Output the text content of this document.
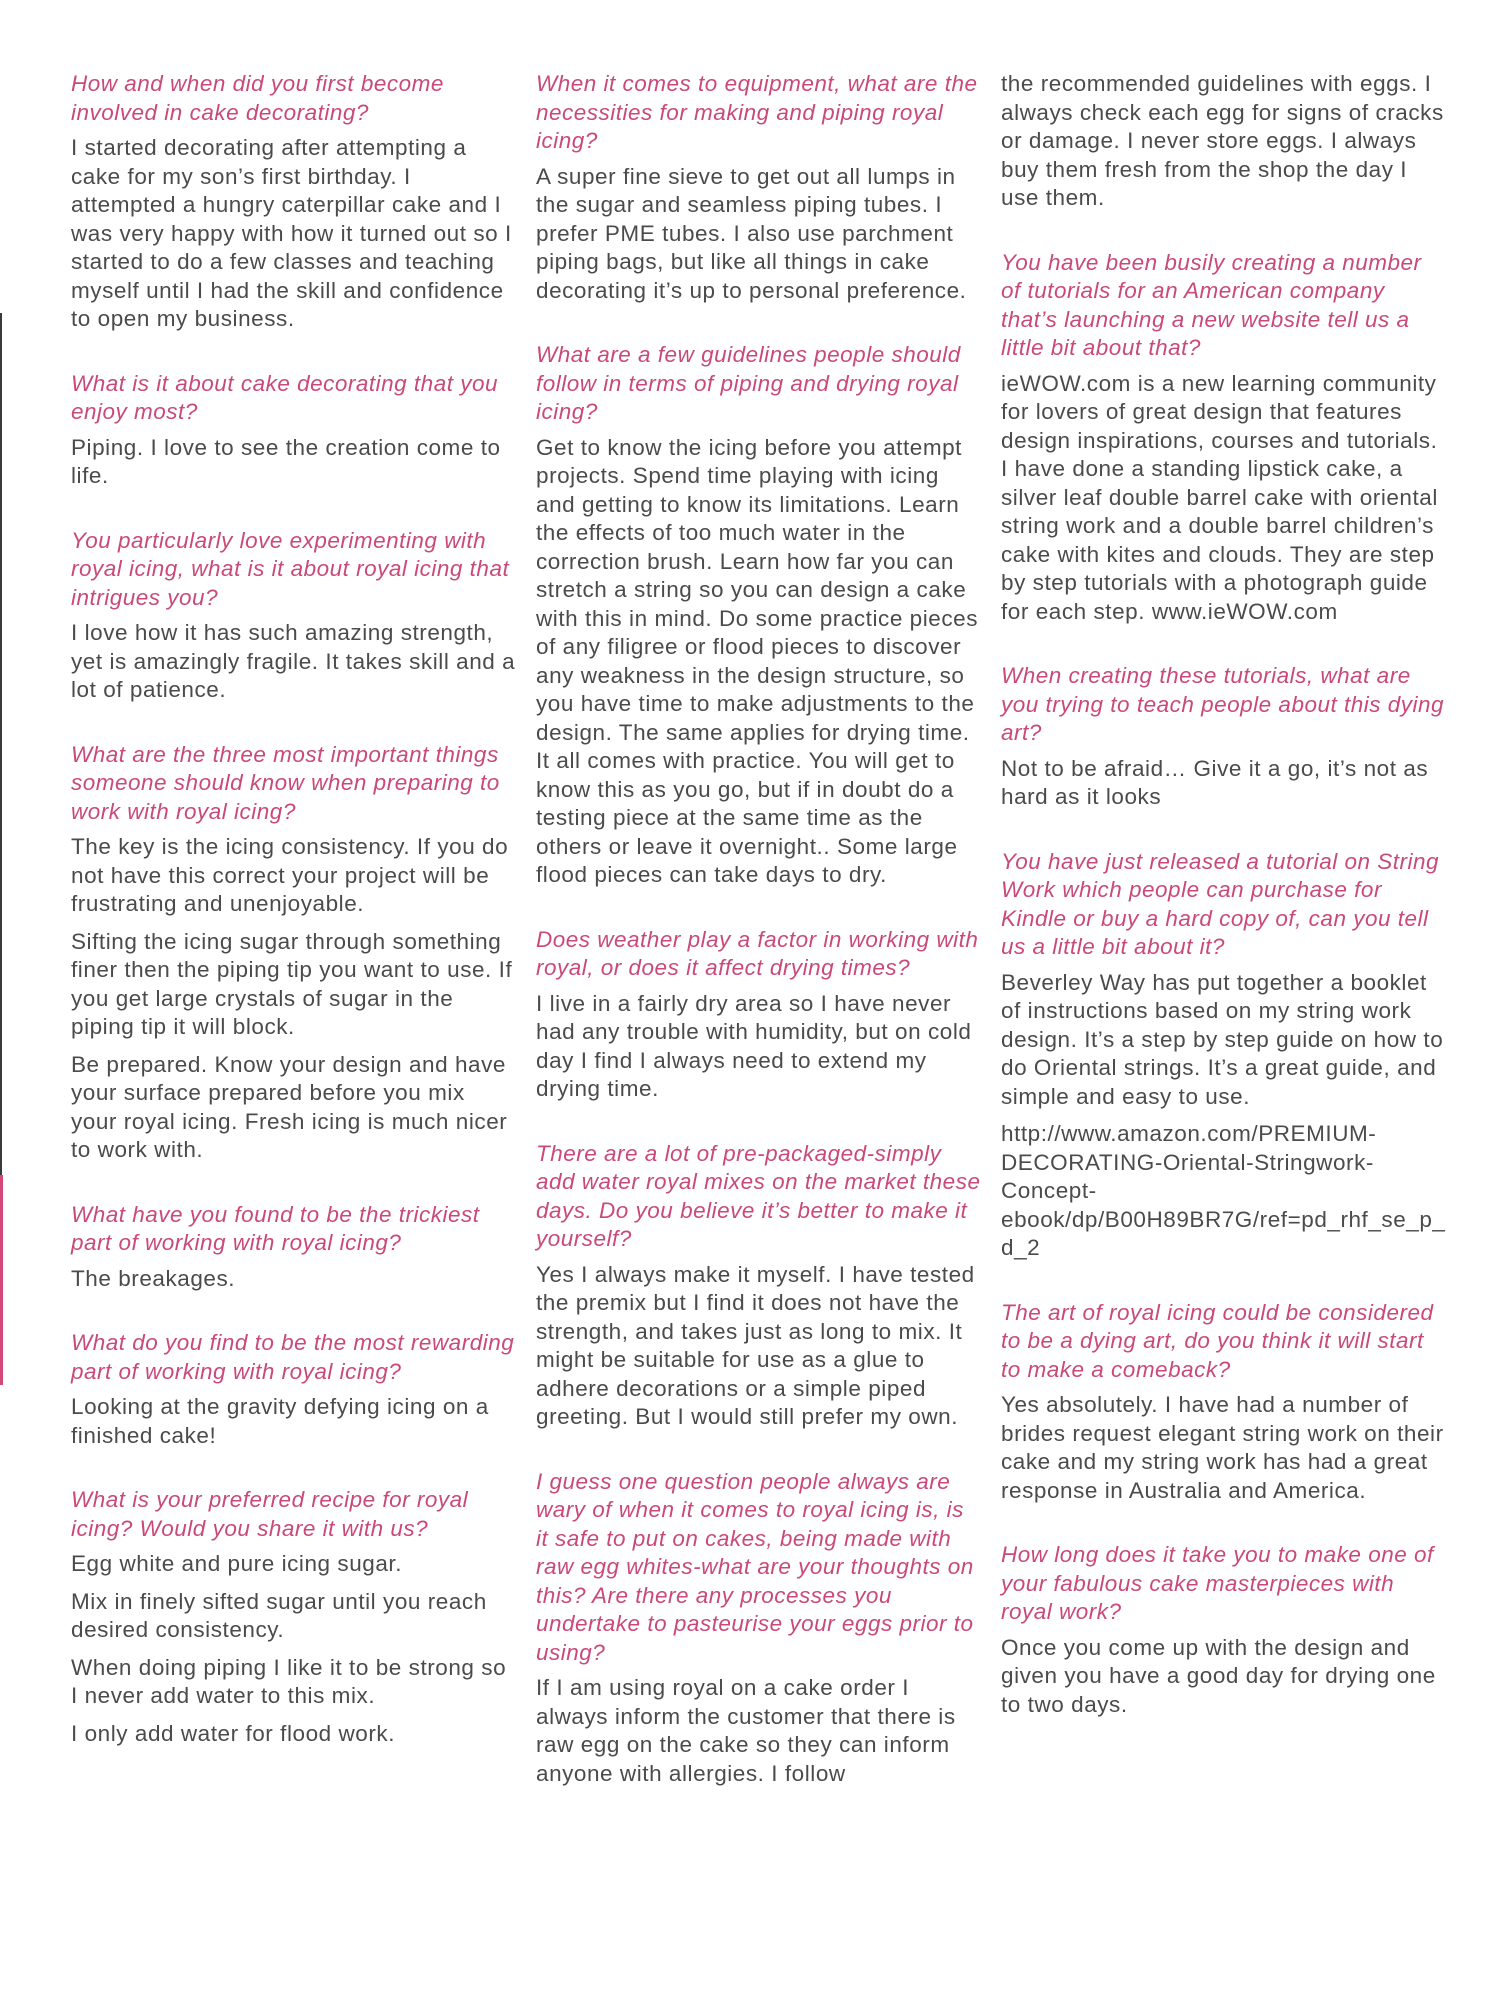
How and when did you first become involved in cake decorating?

I started decorating after attempting a cake for my son’s first birthday. I attempted a hungry caterpillar cake and I was very happy with how it turned out so I started to do a few classes and teaching myself until I had the skill and confidence to open my business.

What is it about cake decorating that you enjoy most?

Piping. I love to see the creation come to life.

You particularly love experimenting with royal icing, what is it about royal icing that intrigues you?

I love how it has such amazing strength, yet is amazingly fragile. It takes skill and a lot of patience.

What are the three most important things someone should know when preparing to work with royal icing?

The key is the icing consistency. If you do not have this correct your project will be frustrating and unenjoyable.

Sifting the icing sugar through something finer then the piping tip you want to use. If you get large crystals of sugar in the piping tip it will block.

Be prepared. Know your design and have your surface prepared before you mix your royal icing. Fresh icing is much nicer to work with.

What have you found to be the trickiest part of working with royal icing?

The breakages.

What do you find to be the most rewarding part of working with royal icing?

Looking at the gravity defying icing on a finished cake!

What is your preferred recipe for royal icing? Would you share it with us?

Egg white and pure icing sugar.

Mix in finely sifted sugar until you reach desired consistency.

When doing piping I like it to be strong so I never add water to this mix.

I only add water for flood work.

When it comes to equipment, what are the necessities for making and piping royal icing?

A super fine sieve to get out all lumps in the sugar and seamless piping tubes. I prefer PME tubes. I also use parchment piping bags, but like all things in cake decorating it’s up to personal preference.

What are a few guidelines people should follow in terms of piping and drying royal icing?

Get to know the icing before you attempt projects. Spend time playing with icing and getting to know its limitations. Learn the effects of too much water in the correction brush. Learn how far you can stretch a string so you can design a cake with this in mind. Do some practice pieces of any filigree or flood pieces to discover any weakness in the design structure, so you have time to make adjustments to the design. The same applies for drying time. It all comes with practice. You will get to know this as you go, but if in doubt do a testing piece at the same time as the others or leave it overnight.. Some large flood pieces can take days to dry.

Does weather play a factor in working with royal, or does it affect drying times?

I live in a fairly dry area so I have never had any trouble with humidity, but on cold day I find I always need to extend my drying time.

There are a lot of pre-packaged-simply add water royal mixes on the market these days. Do you believe it’s better to make it yourself?

Yes I always make it myself. I have tested the premix but I find it does not have the strength, and takes just as long to mix. It might be suitable for use as a glue to adhere decorations or a simple piped greeting. But I would still prefer my own.

I guess one question people always are wary of when it comes to royal icing is, is it safe to put on cakes, being made with raw egg whites-what are your thoughts on this? Are there any processes you undertake to pasteurise your eggs prior to using?

If I am using royal on a cake order I always inform the customer that there is raw egg on the cake so they can inform anyone with allergies. I follow

the recommended guidelines with eggs. I always check each egg for signs of cracks or damage. I never store eggs. I always buy them fresh from the shop the day I use them.

You have been busily creating a number of tutorials for an American company that’s launching a new website tell us a little bit about that?

ieWOW.com is a new learning community for lovers of great design that features design inspirations, courses and tutorials. I have done a standing lipstick cake, a silver leaf double barrel cake with oriental string work and a double barrel children’s cake with kites and clouds. They are step by step tutorials with a photograph guide for each step. www.ieWOW.com

When creating these tutorials, what are you trying to teach people about this dying art?

Not to be afraid… Give it a go, it’s not as hard as it looks

You have just released a tutorial on String Work which people can purchase for Kindle or buy a hard copy of, can you tell us a little bit about it?

Beverley Way has put together a booklet of instructions based on my string work design. It’s a step by step guide on how to do Oriental strings. It’s a great guide, and simple and easy to use.

http://www.amazon.com/PREMIUM-DECORATING-Oriental-Stringwork-Concept-ebook/dp/B00H89BR7G/ref=pd_rhf_se_p_d_2

The art of royal icing could be considered to be a dying art, do you think it will start to make a comeback?

Yes absolutely. I have had a number of brides request elegant string work on their cake and my string work has had a great response in Australia and America.

How long does it take you to make one of your fabulous cake masterpieces with royal work?

Once you come up with the design and given you have a good day for drying one to two days.
